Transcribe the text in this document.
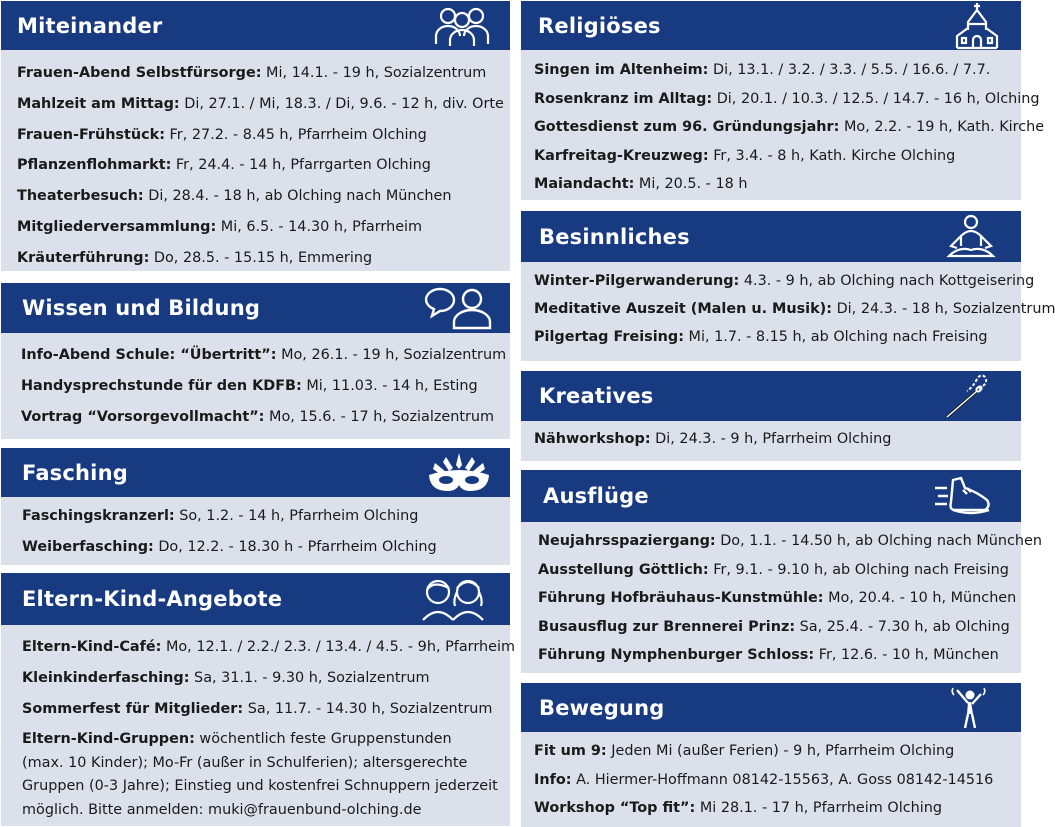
Miteinander
Frauen-Abend Selbstfürsorge: Mi, 14.1. - 19 h, Sozialzentrum
Mahlzeit am Mittag: Di, 27.1. / Mi, 18.3. / Di, 9.6. - 12 h, div. Orte
Frauen-Frühstück: Fr, 27.2. - 8.45 h, Pfarrheim Olching
Pflanzenflohmarkt: Fr, 24.4. - 14 h, Pfarrgarten Olching
Theaterbesuch: Di, 28.4. - 18 h, ab Olching nach München
Mitgliederversammlung: Mi, 6.5. - 14.30 h, Pfarrheim
Kräuterführung: Do, 28.5. - 15.15 h, Emmering
Wissen und Bildung
Info-Abend Schule: “Übertritt”: Mo, 26.1. - 19 h, Sozialzentrum
Handysprechstunde für den KDFB: Mi, 11.03. - 14 h, Esting
Vortrag “Vorsorgevollmacht”: Mo, 15.6. - 17 h, Sozialzentrum
Fasching
Faschingskranzerl: So, 1.2. - 14 h, Pfarrheim Olching
Weiberfasching: Do, 12.2. - 18.30 h - Pfarrheim Olching
Eltern-Kind-Angebote
Eltern-Kind-Café: Mo, 12.1. / 2.2./ 2.3. / 13.4. / 4.5. - 9h, Pfarrheim
Kleinkinderfasching: Sa, 31.1. - 9.30 h, Sozialzentrum
Sommerfest für Mitglieder: Sa, 11.7. - 14.30 h, Sozialzentrum
Eltern-Kind-Gruppen: wöchentlich feste Gruppenstunden
(max. 10 Kinder); Mo-Fr (außer in Schulferien); altersgerechte
Gruppen (0-3 Jahre); Einstieg und kostenfrei Schnuppern jederzeit
möglich. Bitte anmelden: muki@frauenbund-olching.de
Religiöses
Singen im Altenheim: Di, 13.1. / 3.2. / 3.3. / 5.5. / 16.6. / 7.7.
Rosenkranz im Alltag: Di, 20.1. / 10.3. / 12.5. / 14.7. - 16 h, Olching
Gottesdienst zum 96. Gründungsjahr: Mo, 2.2. - 19 h, Kath. Kirche
Karfreitag-Kreuzweg: Fr, 3.4. - 8 h, Kath. Kirche Olching
Maiandacht: Mi, 20.5. - 18 h
Besinnliches
Winter-Pilgerwanderung: 4.3. - 9 h, ab Olching nach Kottgeisering
Meditative Auszeit (Malen u. Musik): Di, 24.3. - 18 h, Sozialzentrum
Pilgertag Freising: Mi, 1.7. - 8.15 h, ab Olching nach Freising
Kreatives
Nähworkshop: Di, 24.3. - 9 h, Pfarrheim Olching
Ausflüge
Neujahrsspaziergang: Do, 1.1. - 14.50 h, ab Olching nach München
Ausstellung Göttlich: Fr, 9.1. - 9.10 h, ab Olching nach Freising
Führung Hofbräuhaus-Kunstmühle: Mo, 20.4. - 10 h, München
Busausflug zur Brennerei Prinz: Sa, 25.4. - 7.30 h, ab Olching
Führung Nymphenburger Schloss: Fr, 12.6. - 10 h, München
Bewegung
Fit um 9: Jeden Mi (außer Ferien) - 9 h, Pfarrheim Olching
Info: A. Hiermer-Hoffmann 08142-15563, A. Goss 08142-14516
Workshop “Top fit”: Mi 28.1. - 17 h, Pfarrheim Olching
